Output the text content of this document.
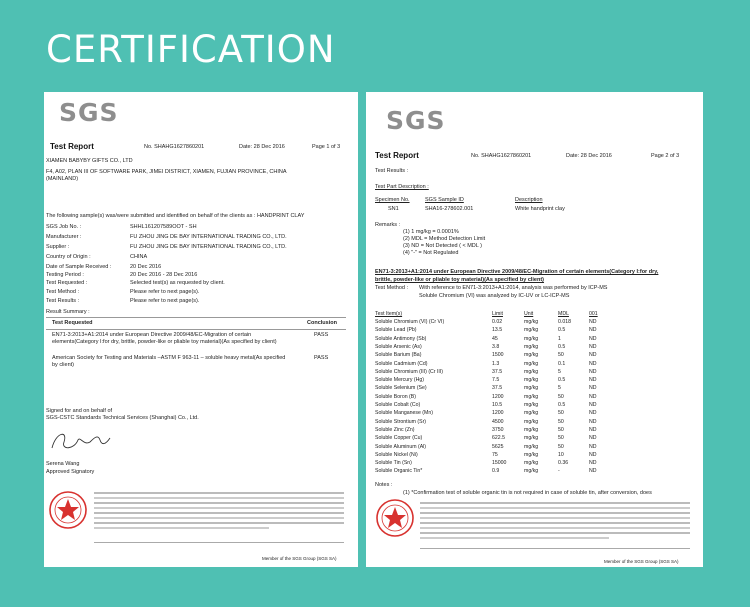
CERTIFICATION
SGS
Test Report	No. SHAHG1627860201	Date: 28 Dec 2016	Page 1 of 3
XIAMEN BABYBY GIFTS CO., LTD
F4, A02, PLAN III OF SOFTWARE PARK, JIMEI DISTRICT, XIAMEN, FUJIAN PROVINCE, CHINA
(MAINLAND)
The following sample(s) was/were submitted and identified on behalf of the clients as : HANDPRINT CLAY
SGS Job No. :	SHHL161207589OOT - SH
Manufacturer :	FU ZHOU JING DE BAY INTERNATIONAL TRADING CO., LTD.
Supplier :	FU ZHOU JING DE BAY INTERNATIONAL TRADING CO., LTD.
Country of Origin :	CHINA
Date of Sample Received :	20 Dec 2016
Testing Period :	20 Dec 2016 - 28 Dec 2016
Test Requested :	Selected test(s) as requested by client.
Test Method :	Please refer to next page(s).
Test Results :	Please refer to next page(s).
Result Summary :
Test Requested	Conclusion
EN71-3:2013+A1:2014 under European Directive 2009/48/EC-Migration of certain elements(Category I:for dry, brittle, powder-like or pliable toy material)(As specified by client)
PASS
American Society for Testing and Materials –ASTM F 963-11 – soluble heavy metal(As specified by client)
PASS
Signed for and on behalf of
SGS-CSTC Standards Technical Services (Shanghai) Co., Ltd.
Serena Wang
Approved Signatory
Member of the SGS Group (SGS SA)
SGS
Test Report	No. SHAHG1627860201	Date: 28 Dec 2016	Page 2 of 3
Test Results :
Test Part Description :
Specimen No.	SGS Sample ID	Description
SN1	SHA16-278602.001	White handprint clay
Remarks :
(1) 1 mg/kg = 0.0001%
(2) MDL = Method Detection Limit
(3) ND = Not Detected ( < MDL )
(4) "-" = Not Regulated
EN71-3:2013+A1:2014 under European Directive 2009/48/EC-Migration of certain elements(Category I:for dry,
brittle, powder-like or pliable toy material)(As specified by client)
Test Method : With reference to EN71-3:2013+A1:2014, analysis was performed by ICP-MS
Soluble Chromium (VI) was analyzed by IC-UV or LC-ICP-MS
Test Item(s)	Limit	Unit	MDL	001
Soluble Chromium (VI) (Cr VI)	0.02	mg/kg	0.018	ND
Soluble Lead (Pb)	13.5	mg/kg	0.5	ND
Soluble Antimony (Sb)	45	mg/kg	1	ND
Soluble Arsenic (As)	3.8	mg/kg	0.5	ND
Soluble Barium (Ba)	1500	mg/kg	50	ND
Soluble Cadmium (Cd)	1.3	mg/kg	0.1	ND
Soluble Chromium (III) (Cr III)	37.5	mg/kg	5	ND
Soluble Mercury (Hg)	7.5	mg/kg	0.5	ND
Soluble Selenium (Se)	37.5	mg/kg	5	ND
Soluble Boron (B)	1200	mg/kg	50	ND
Soluble Cobalt (Co)	10.5	mg/kg	0.5	ND
Soluble Manganese (Mn)	1200	mg/kg	50	ND
Soluble Strontium (Sr)	4500	mg/kg	50	ND
Soluble Zinc (Zn)	3750	mg/kg	50	ND
Soluble Copper (Cu)	622.5	mg/kg	50	ND
Soluble Aluminum (Al)	5625	mg/kg	50	ND
Soluble Nickel (Ni)	75	mg/kg	10	ND
Soluble Tin (Sn)	15000	mg/kg	0.36	ND
Soluble Organic Tin*	0.9	mg/kg	-	ND
Notes :
(1) *Confirmation test of soluble organic tin is not required in case of soluble tin, after conversion, does
Member of the SGS Group (SGS SA)
